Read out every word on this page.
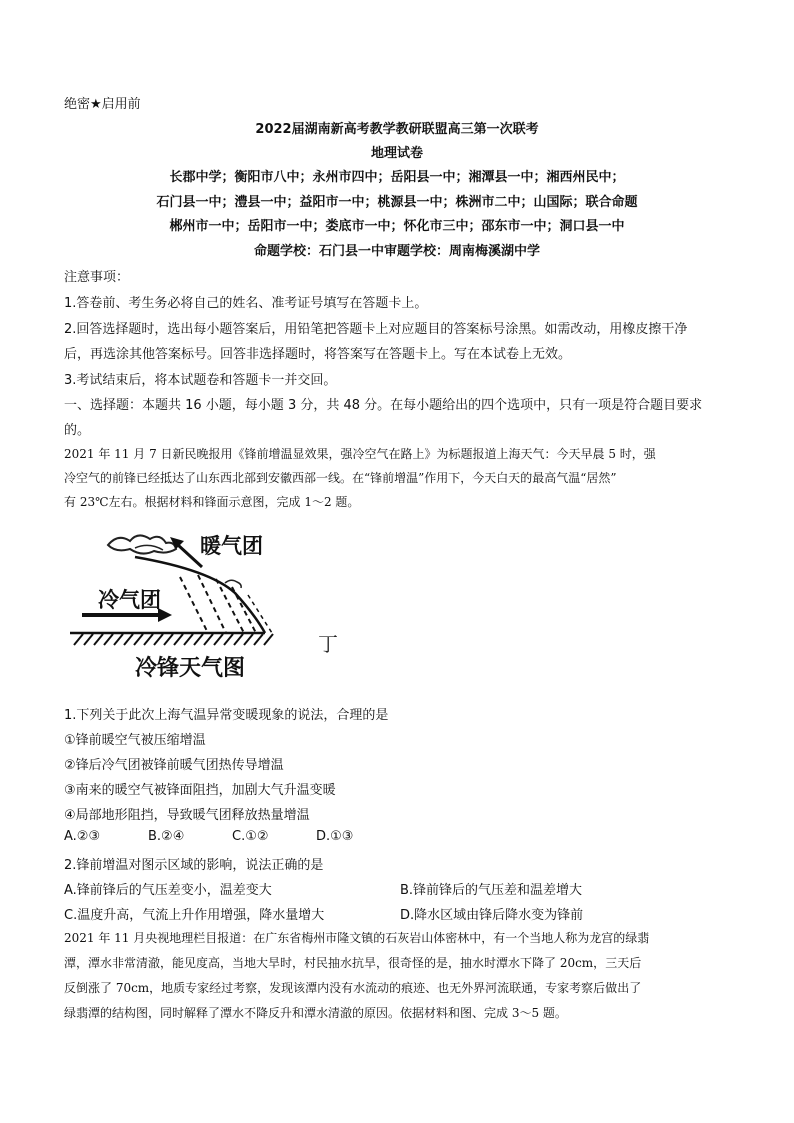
绝密★启用前
2022届湖南新高考教学教研联盟高三第一次联考
地理试卷
长郡中学；衡阳市八中；永州市四中；岳阳县一中；湘潭县一中；湘西州民中；
石门县一中；澧县一中；益阳市一中；桃源县一中；株洲市二中；山国际；联合命题
郴州市一中；岳阳市一中；娄底市一中；怀化市三中；邵东市一中；洞口县一中
命题学校：石门县一中审题学校：周南梅溪湖中学
注意事项：
1.答卷前、考生务必将自己的姓名、准考证号填写在答题卡上。
2.回答选择题时，选出每小题答案后，用铅笔把答题卡上对应题目的答案标号涂黑。如需改动，用橡皮擦干净
后，再选涂其他答案标号。回答非选择题时，将答案写在答题卡上。写在本试卷上无效。
3.考试结束后，将本试题卷和答题卡一并交回。
一、选择题：本题共 16 小题，每小题 3 分，共 48 分。在每小题给出的四个选项中，只有一项是符合题目要求
的。
2021 年 11 月 7 日新民晚报用《锋前增温显效果，强冷空气在路上》为标题报道上海天气：今天早晨 5 时，强
冷空气的前锋已经抵达了山东西北部到安徽西部一线。在“锋前增温”作用下，今天白天的最高气温“居然”
有 23℃左右。根据材料和锋面示意图，完成 1～2 题。
暖气团
冷气团
冷锋天气图
丁
1.下列关于此次上海气温异常变暖现象的说法，合理的是
①锋前暖空气被压缩增温
②锋后冷气团被锋前暖气团热传导增温
③南来的暖空气被锋面阻挡，加剧大气升温变暖
④局部地形阻挡，导致暖气团释放热量增温
A.②③	B.②④	C.①②	D.①③
2.锋前增温对图示区域的影响，说法正确的是
A.锋前锋后的气压差变小，温差变大	B.锋前锋后的气压差和温差增大
C.温度升高，气流上升作用增强，降水量增大	D.降水区域由锋后降水变为锋前
2021 年 11 月央视地理栏目报道：在广东省梅州市隆文镇的石灰岩山体密林中，有一个当地人称为龙宫的绿翡
潭，潭水非常清澈，能见度高，当地大旱时，村民抽水抗旱，很奇怪的是，抽水时潭水下降了 20cm，三天后
反倒涨了 70cm，地质专家经过考察，发现该潭内没有水流动的痕迹、也无外界河流联通，专家考察后做出了
绿翡潭的结构图，同时解释了潭水不降反升和潭水清澈的原因。依据材料和图、完成 3～5 题。
